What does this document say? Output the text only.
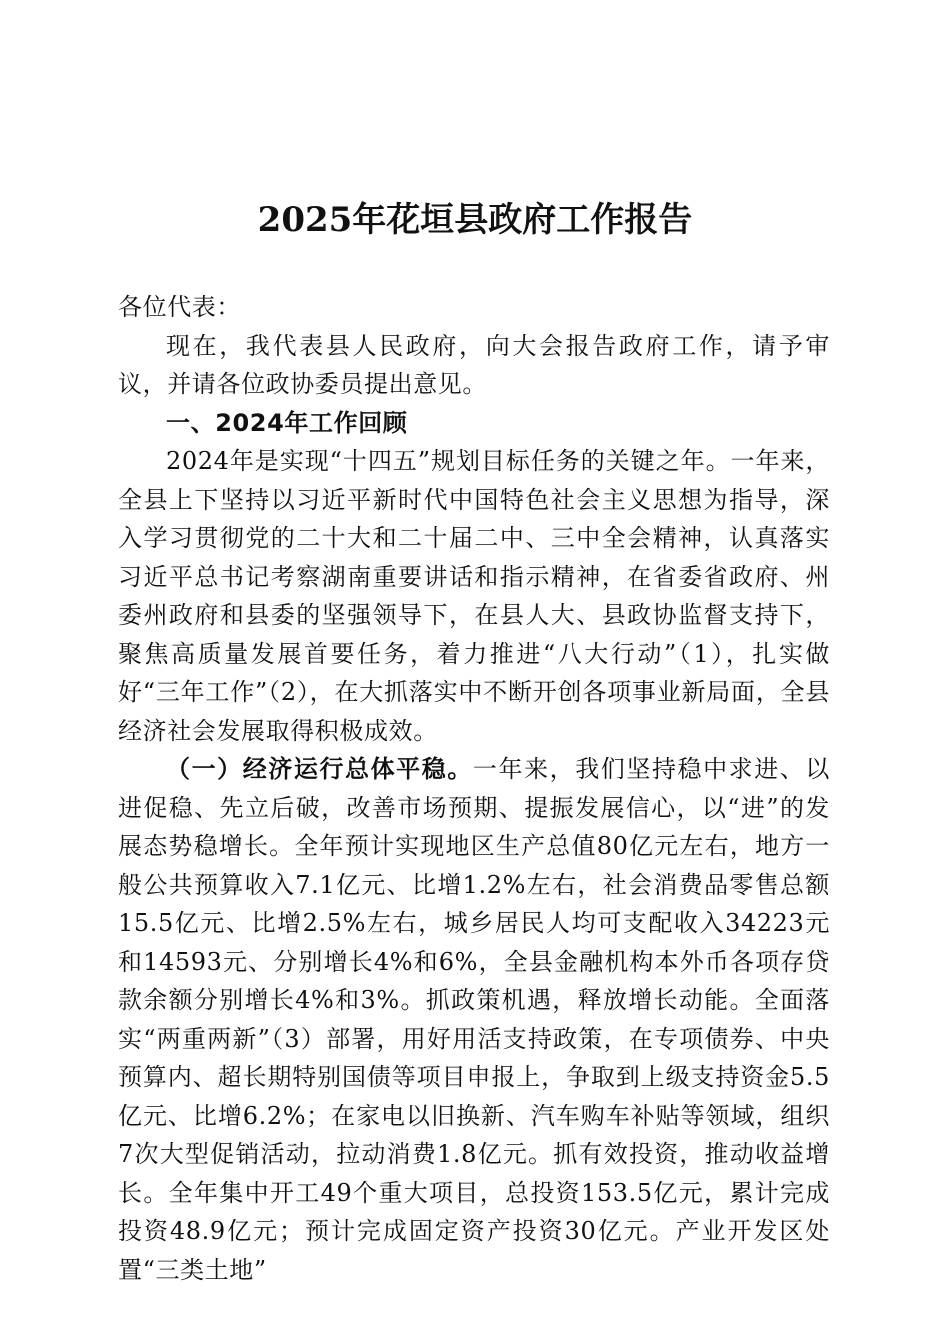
2025年花垣县政府工作报告

各位代表：

现在，我代表县人民政府，向大会报告政府工作，请予审议，并请各位政协委员提出意见。

一、2024年工作回顾

2024年是实现“十四五”规划目标任务的关键之年。一年来，全县上下坚持以习近平新时代中国特色社会主义思想为指导，深入学习贯彻党的二十大和二十届二中、三中全会精神，认真落实习近平总书记考察湖南重要讲话和指示精神，在省委省政府、州委州政府和县委的坚强领导下，在县人大、县政协监督支持下，聚焦高质量发展首要任务，着力推进“八大行动”（1），扎实做好“三年工作”（2），在大抓落实中不断开创各项事业新局面，全县经济社会发展取得积极成效。

（一）经济运行总体平稳。一年来，我们坚持稳中求进、以进促稳、先立后破，改善市场预期、提振发展信心，以“进”的发展态势稳增长。全年预计实现地区生产总值80亿元左右，地方一般公共预算收入7.1亿元、比增1.2%左右，社会消费品零售总额15.5亿元、比增2.5%左右，城乡居民人均可支配收入34223元和14593元、分别增长4%和6%，全县金融机构本外币各项存贷款余额分别增长4%和3%。抓政策机遇，释放增长动能。全面落实“两重两新”（3）部署，用好用活支持政策，在专项债券、中央预算内、超长期特别国债等项目申报上，争取到上级支持资金5.5亿元、比增6.2%；在家电以旧换新、汽车购车补贴等领域，组织7次大型促销活动，拉动消费1.8亿元。抓有效投资，推动收益增长。全年集中开工49个重大项目，总投资153.5亿元，累计完成投资48.9亿元；预计完成固定资产投资30亿元。产业开发区处置“三类土地”
